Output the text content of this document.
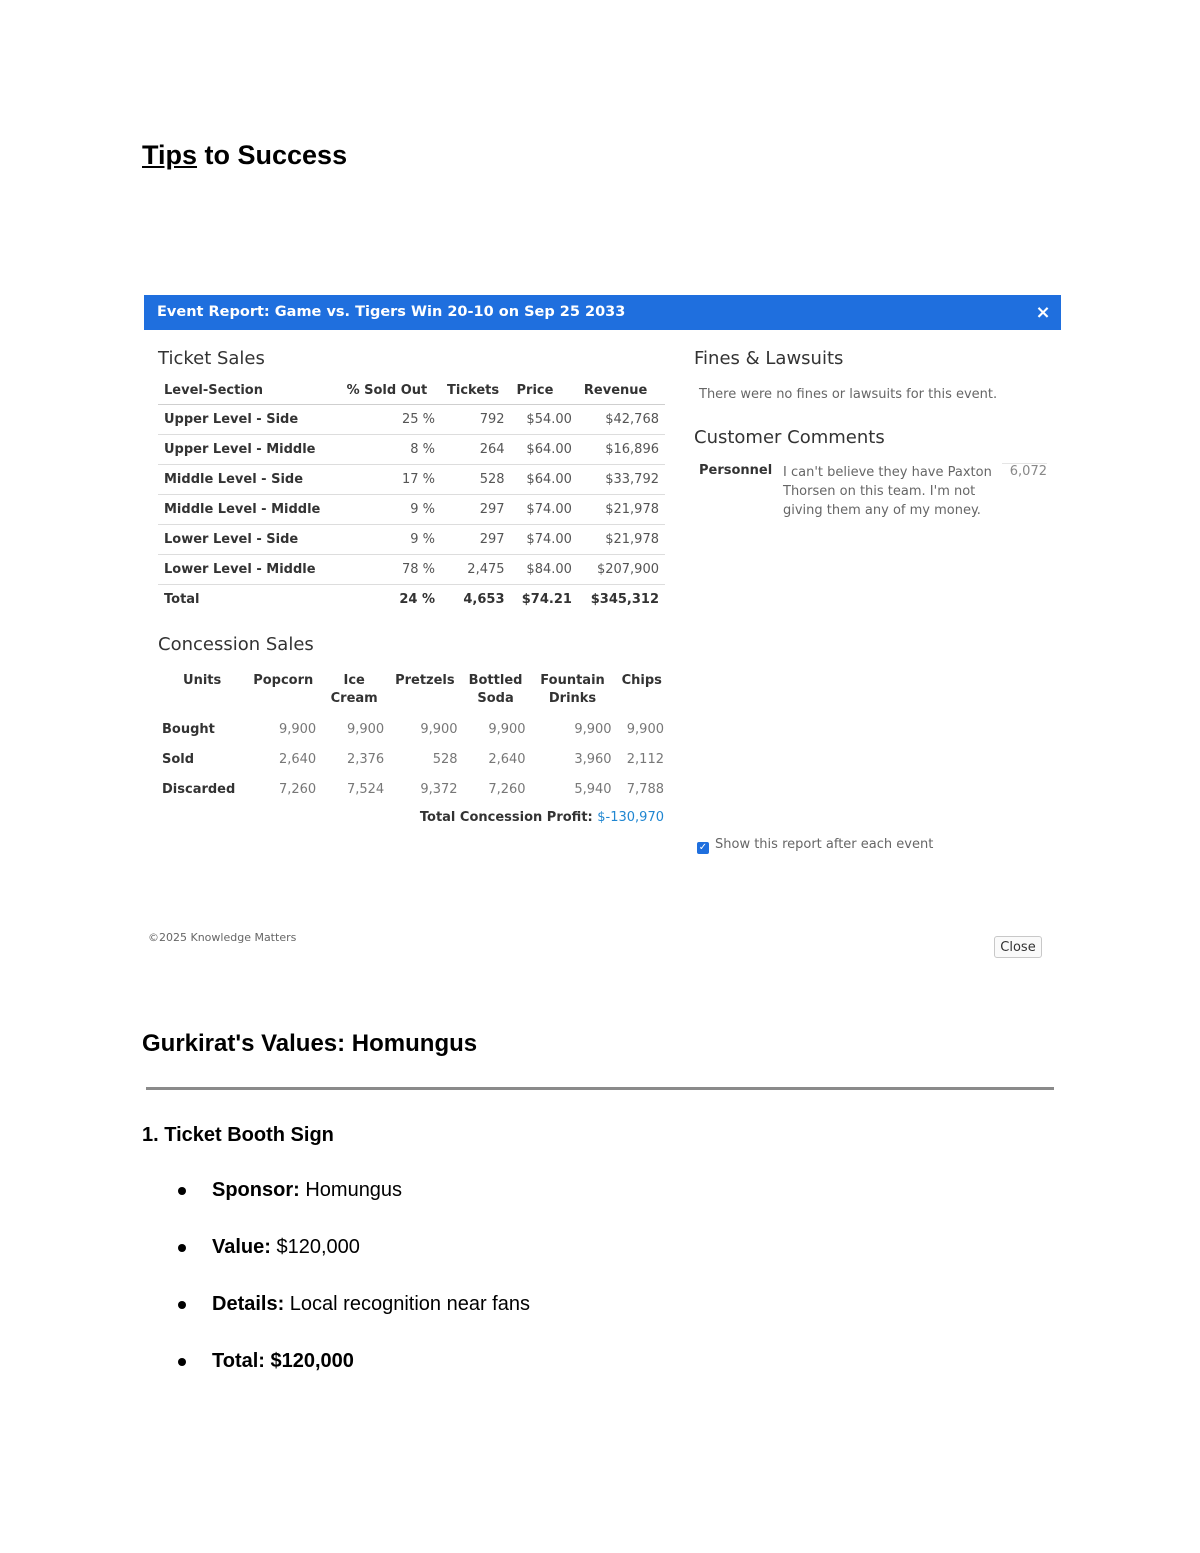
Tips to Success
Event Report: Game vs. Tigers Win 20-10 on Sep 25 2033	×
Ticket Sales
Level-Section	% Sold Out	Tickets	Price	Revenue
Upper Level - Side	25 %	792	$54.00	$42,768
Upper Level - Middle	8 %	264	$64.00	$16,896
Middle Level - Side	17 %	528	$64.00	$33,792
Middle Level - Middle	9 %	297	$74.00	$21,978
Lower Level - Side	9 %	297	$74.00	$21,978
Lower Level - Middle	78 %	2,475	$84.00	$207,900
Total	24 %	4,653	$74.21	$345,312
Concession Sales
Units	Popcorn	Ice Cream	Pretzels	Bottled Soda	Fountain Drinks	Chips
Bought	9,900	9,900	9,900	9,900	9,900	9,900
Sold	2,640	2,376	528	2,640	3,960	2,112
Discarded	7,260	7,524	9,372	7,260	5,940	7,788
Total Concession Profit: $-130,970
Fines & Lawsuits
There were no fines or lawsuits for this event.
Customer Comments
Personnel I can't believe they have Paxton Thorsen on this team. I'm not giving them any of my money.
6,072
✓ Show this report after each event
©2025 Knowledge Matters
Close
Gurkirat's Values: Homungus
1. Ticket Booth Sign
Sponsor: Homungus
Value: $120,000
Details: Local recognition near fans
Total: $120,000
